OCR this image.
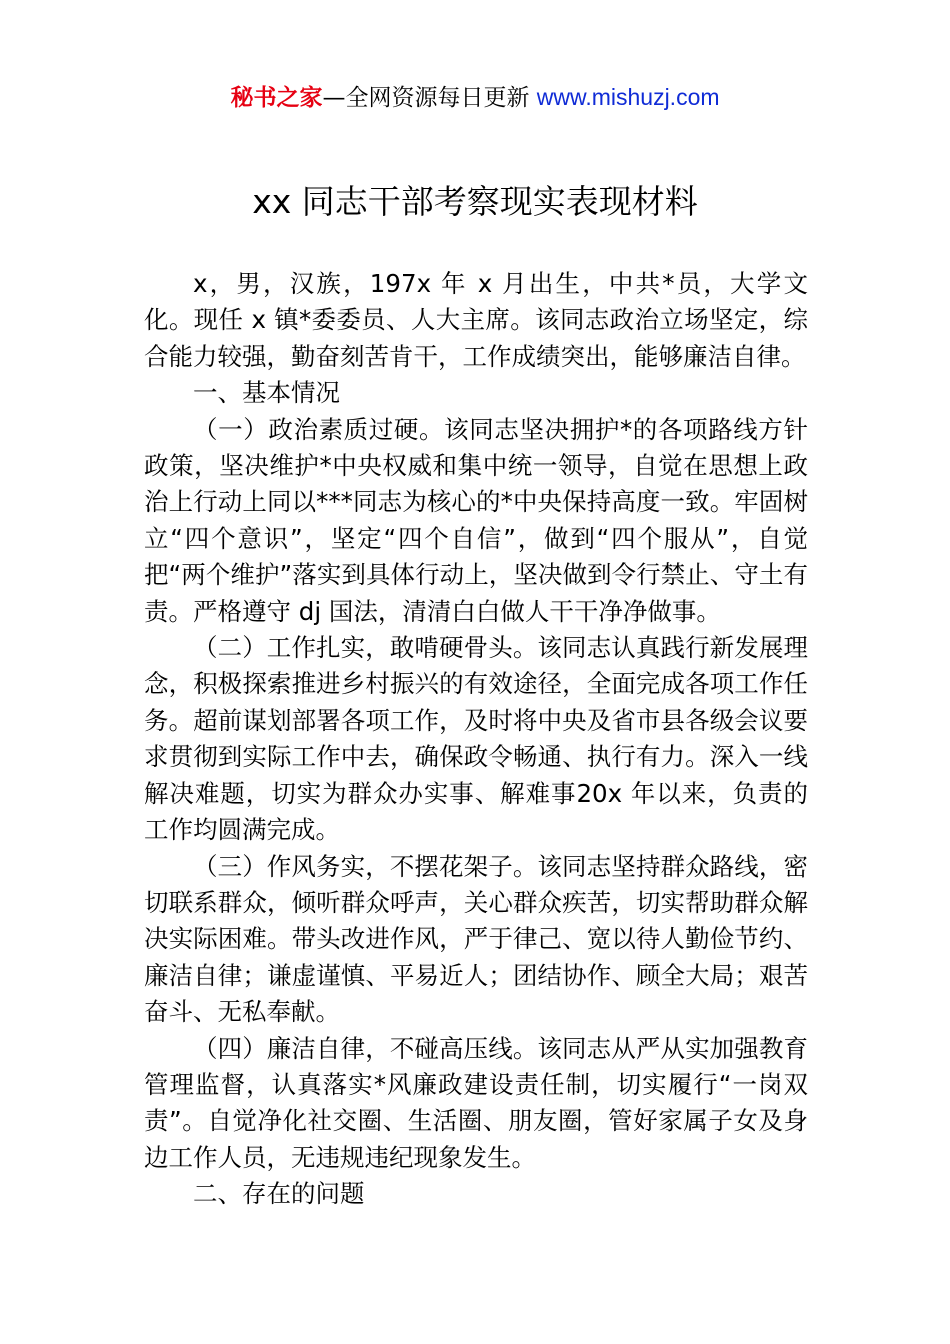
秘书之家—全网资源每日更新 www.mishuzj.com
xx 同志干部考察现实表现材料

x，男，汉族，197x 年 x 月出生，中共*员，大学文化。现任 x 镇*委委员、人大主席。该同志政治立场坚定，综合能力较强，勤奋刻苦肯干，工作成绩突出，能够廉洁自律。

一、基本情况

（一）政治素质过硬。该同志坚决拥护*的各项路线方针政策，坚决维护*中央权威和集中统一领导，自觉在思想上政治上行动上同以***同志为核心的*中央保持高度一致。牢固树立“四个意识”，坚定“四个自信”，做到“四个服从”，自觉把“两个维护”落实到具体行动上，坚决做到令行禁止、守土有责。严格遵守 dj 国法，清清白白做人干干净净做事。

（二）工作扎实，敢啃硬骨头。该同志认真践行新发展理念，积极探索推进乡村振兴的有效途径，全面完成各项工作任务。超前谋划部署各项工作，及时将中央及省市县各级会议要求贯彻到实际工作中去，确保政令畅通、执行有力。深入一线解决难题，切实为群众办实事、解难事20x 年以来，负责的工作均圆满完成。

（三）作风务实，不摆花架子。该同志坚持群众路线，密切联系群众，倾听群众呼声，关心群众疾苦，切实帮助群众解决实际困难。带头改进作风，严于律己、宽以待人勤俭节约、廉洁自律；谦虚谨慎、平易近人；团结协作、顾全大局；艰苦奋斗、无私奉献。

（四）廉洁自律，不碰高压线。该同志从严从实加强教育管理监督，认真落实*风廉政建设责任制，切实履行“一岗双责”。自觉净化社交圈、生活圈、朋友圈，管好家属子女及身边工作人员，无违规违纪现象发生。

二、存在的问题
